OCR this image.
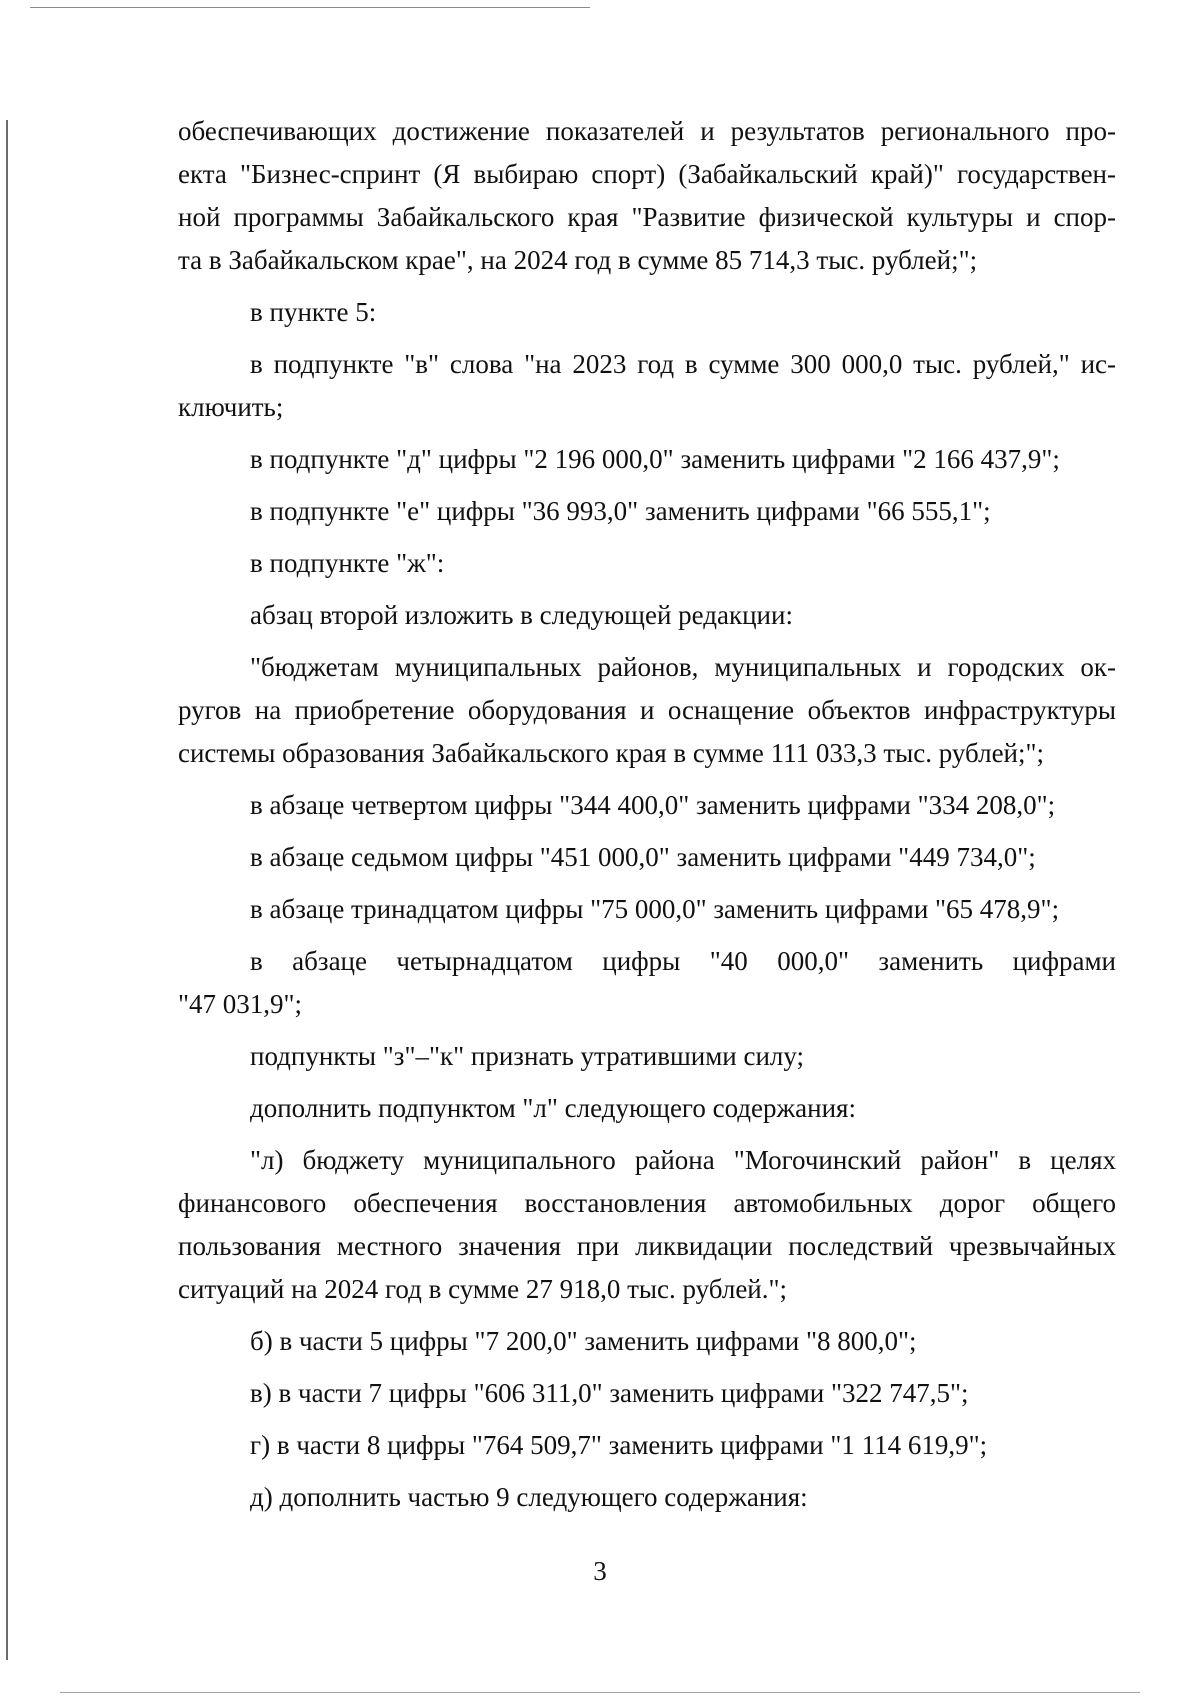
обеспечивающих достижение показателей и результатов регионального про-
екта "Бизнес-спринт (Я выбираю спорт) (Забайкальский край)" государствен-
ной программы Забайкальского края "Развитие физической культуры и спор-
та в Забайкальском крае", на 2024 год в сумме 85 714,3 тыс. рублей;";
в пункте 5:
в подпункте "в" слова "на 2023 год в сумме 300 000,0 тыс. рублей," ис-
ключить;
в подпункте "д" цифры "2 196 000,0" заменить цифрами "2 166 437,9";
в подпункте "е" цифры "36 993,0" заменить цифрами "66 555,1";
в подпункте "ж":
абзац второй изложить в следующей редакции:
"бюджетам муниципальных районов, муниципальных и городских ок-
ругов на приобретение оборудования и оснащение объектов инфраструктуры
системы образования Забайкальского края в сумме 111 033,3 тыс. рублей;";
в абзаце четвертом цифры "344 400,0" заменить цифрами "334 208,0";
в абзаце седьмом цифры "451 000,0" заменить цифрами "449 734,0";
в абзаце тринадцатом цифры "75 000,0" заменить цифрами "65 478,9";
в абзаце четырнадцатом цифры "40 000,0" заменить цифрами
"47 031,9";
подпункты "з"–"к" признать утратившими силу;
дополнить подпунктом "л" следующего содержания:
"л) бюджету муниципального района "Могочинский район" в целях
финансового обеспечения восстановления автомобильных дорог общего
пользования местного значения при ликвидации последствий чрезвычайных
ситуаций на 2024 год в сумме 27 918,0 тыс. рублей.";
б) в части 5 цифры "7 200,0" заменить цифрами "8 800,0";
в) в части 7 цифры "606 311,0" заменить цифрами "322 747,5";
г) в части 8 цифры "764 509,7" заменить цифрами "1 114 619,9";
д) дополнить частью 9 следующего содержания:
3
